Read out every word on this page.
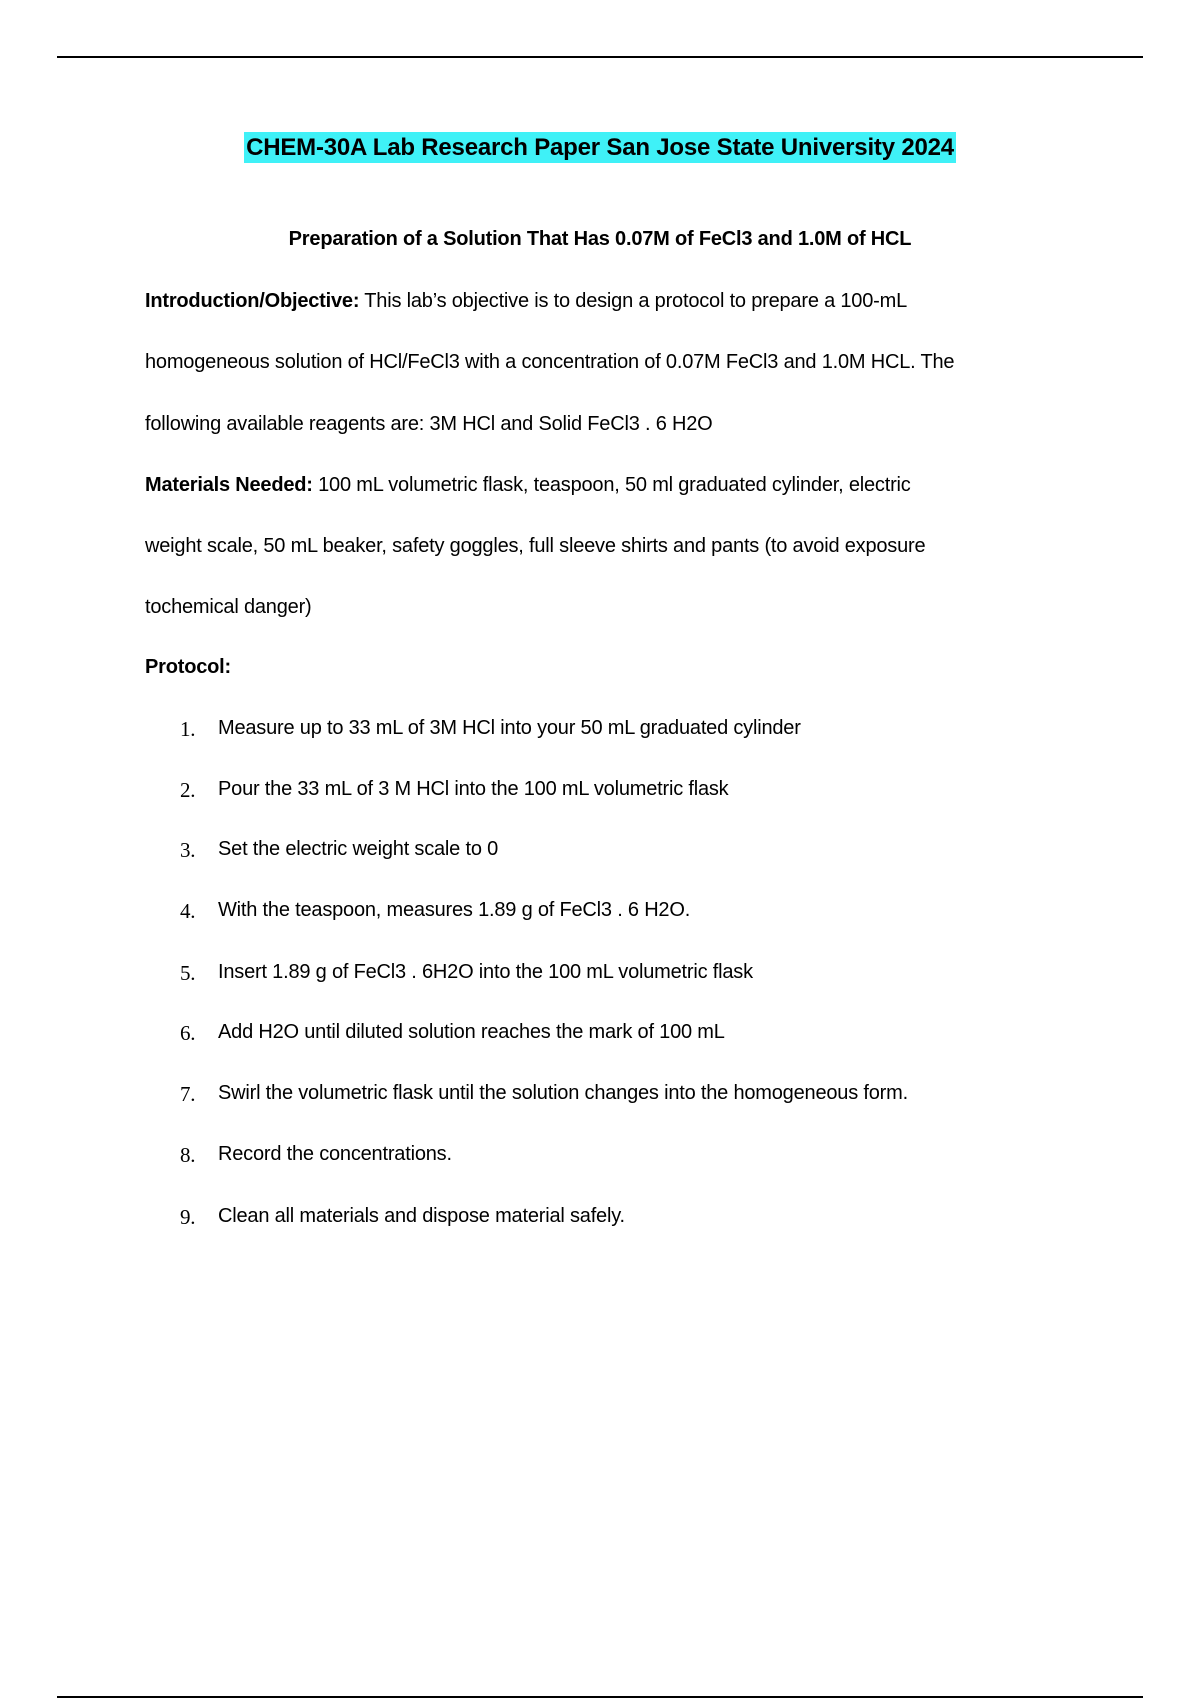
CHEM-30A Lab Research Paper San Jose State University 2024
Preparation of a Solution That Has 0.07M of FeCl3 and 1.0M of HCL
Introduction/Objective: This lab’s objective is to design a protocol to prepare a 100-mL
homogeneous solution of HCl/FeCl3 with a concentration of 0.07M FeCl3 and 1.0M HCL. The
following available reagents are: 3M HCl and Solid FeCl3 . 6 H2O
Materials Needed: 100 mL volumetric flask, teaspoon, 50 ml graduated cylinder, electric
weight scale, 50 mL beaker, safety goggles, full sleeve shirts and pants (to avoid exposure
tochemical danger)
Protocol:
1.	Measure up to 33 mL of 3M HCl into your 50 mL graduated cylinder
2.	Pour the 33 mL of 3 M HCl into the 100 mL volumetric flask
3.	Set the electric weight scale to 0
4.	With the teaspoon, measures 1.89 g of FeCl3 . 6 H2O.
5.	Insert 1.89 g of FeCl3 . 6H2O into the 100 mL volumetric flask
6.	Add H2O until diluted solution reaches the mark of 100 mL
7.	Swirl the volumetric flask until the solution changes into the homogeneous form.
8.	Record the concentrations.
9.	Clean all materials and dispose material safely.
